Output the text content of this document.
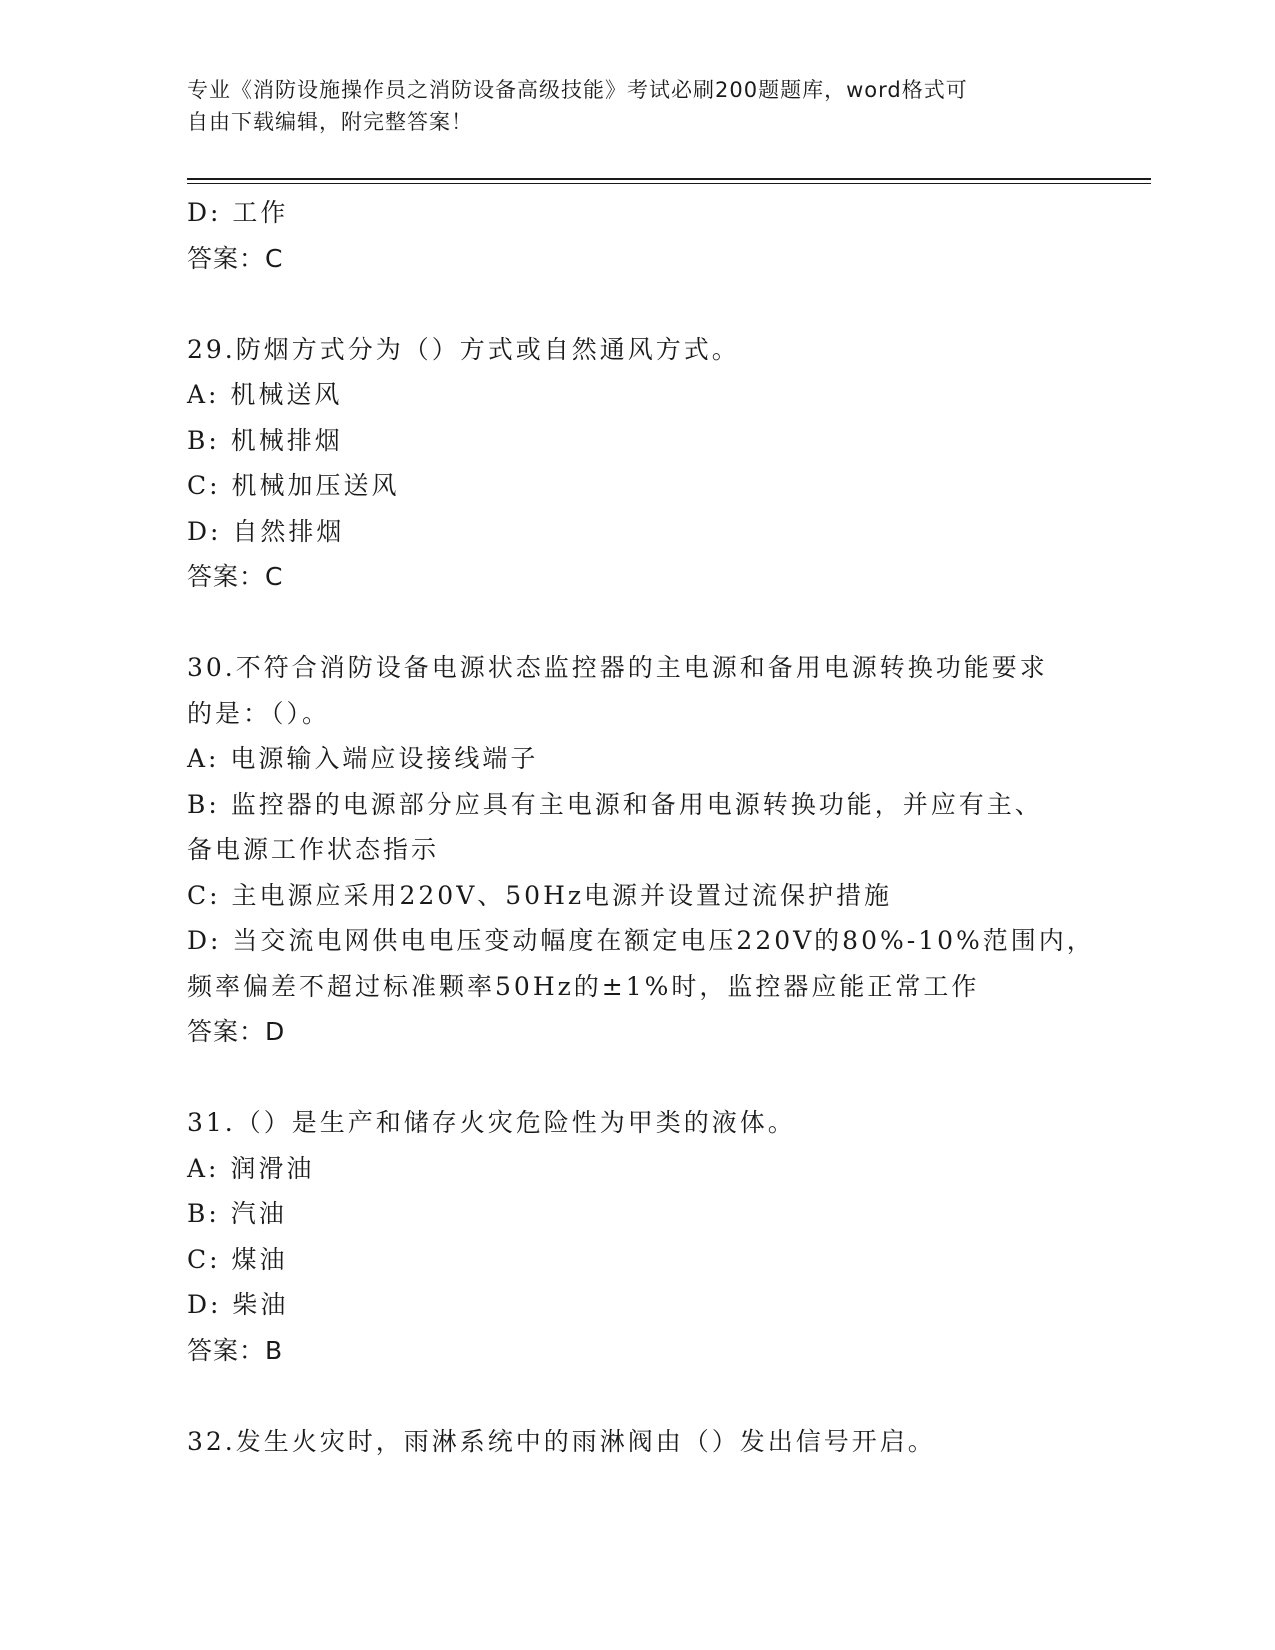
专业《消防设施操作员之消防设备高级技能》考试必刷200题题库，word格式可
自由下载编辑，附完整答案！
D: 工作
答案：C
29.防烟方式分为（）方式或自然通风方式。
A: 机械送风
B: 机械排烟
C: 机械加压送风
D: 自然排烟
答案：C
30.不符合消防设备电源状态监控器的主电源和备用电源转换功能要求
的是：（）。
A: 电源输入端应设接线端子
B: 监控器的电源部分应具有主电源和备用电源转换功能，并应有主、
备电源工作状态指示
C: 主电源应采用220V、50Hz电源并设置过流保护措施
D: 当交流电网供电电压变动幅度在额定电压220V的80%-10%范围内，
频率偏差不超过标准颗率50Hz的±1%时，监控器应能正常工作
答案：D
31.（）是生产和储存火灾危险性为甲类的液体。
A: 润滑油
B: 汽油
C: 煤油
D: 柴油
答案：B
32.发生火灾时，雨淋系统中的雨淋阀由（）发出信号开启。
